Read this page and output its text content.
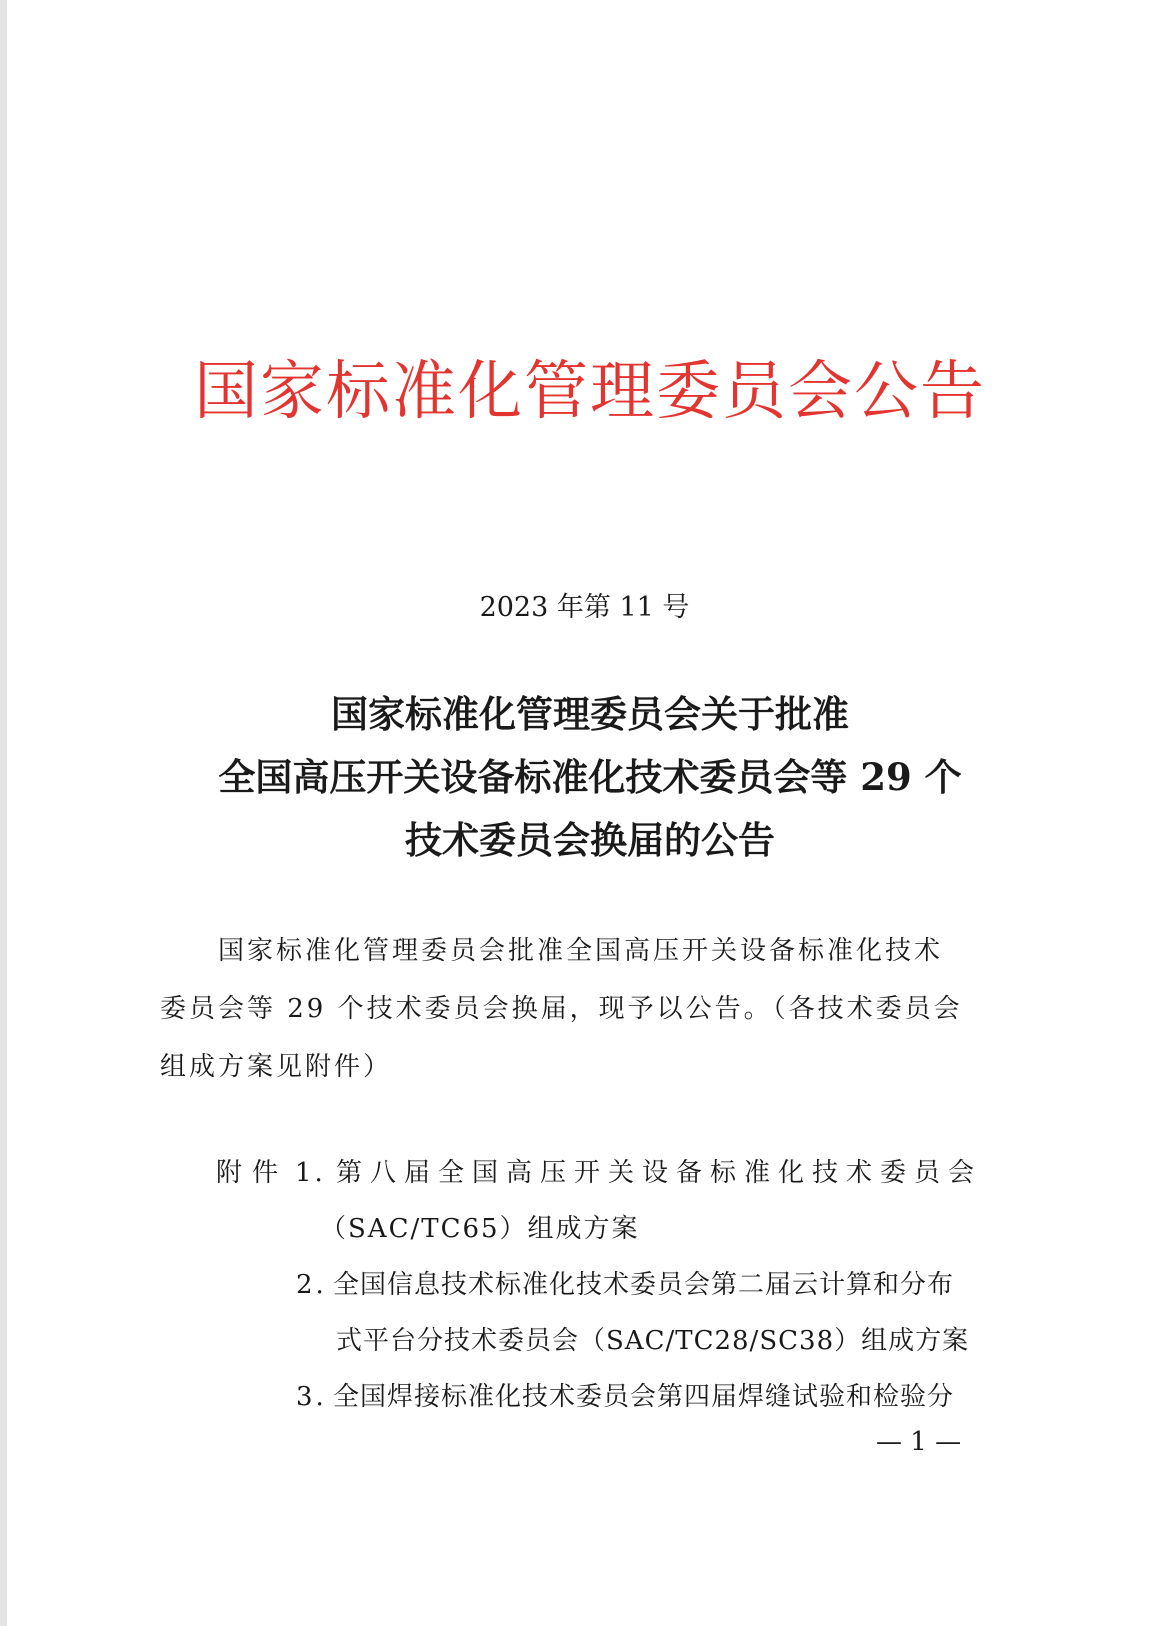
国家标准化管理委员会公告
2023 年第 11 号
国家标准化管理委员会关于批准
全国高压开关设备标准化技术委员会等 29 个
技术委员会换届的公告
国家标准化管理委员会批准全国高压开关设备标准化技术
委员会等 29 个技术委员会换届，现予以公告。（各技术委员会
组成方案见附件）
附件 1. 第八届全国高压开关设备标准化技术委员会
（SAC/TC65）组成方案
2. 全国信息技术标准化技术委员会第二届云计算和分布
式平台分技术委员会（SAC/TC28/SC38）组成方案
3. 全国焊接标准化技术委员会第四届焊缝试验和检验分
— 1 —
